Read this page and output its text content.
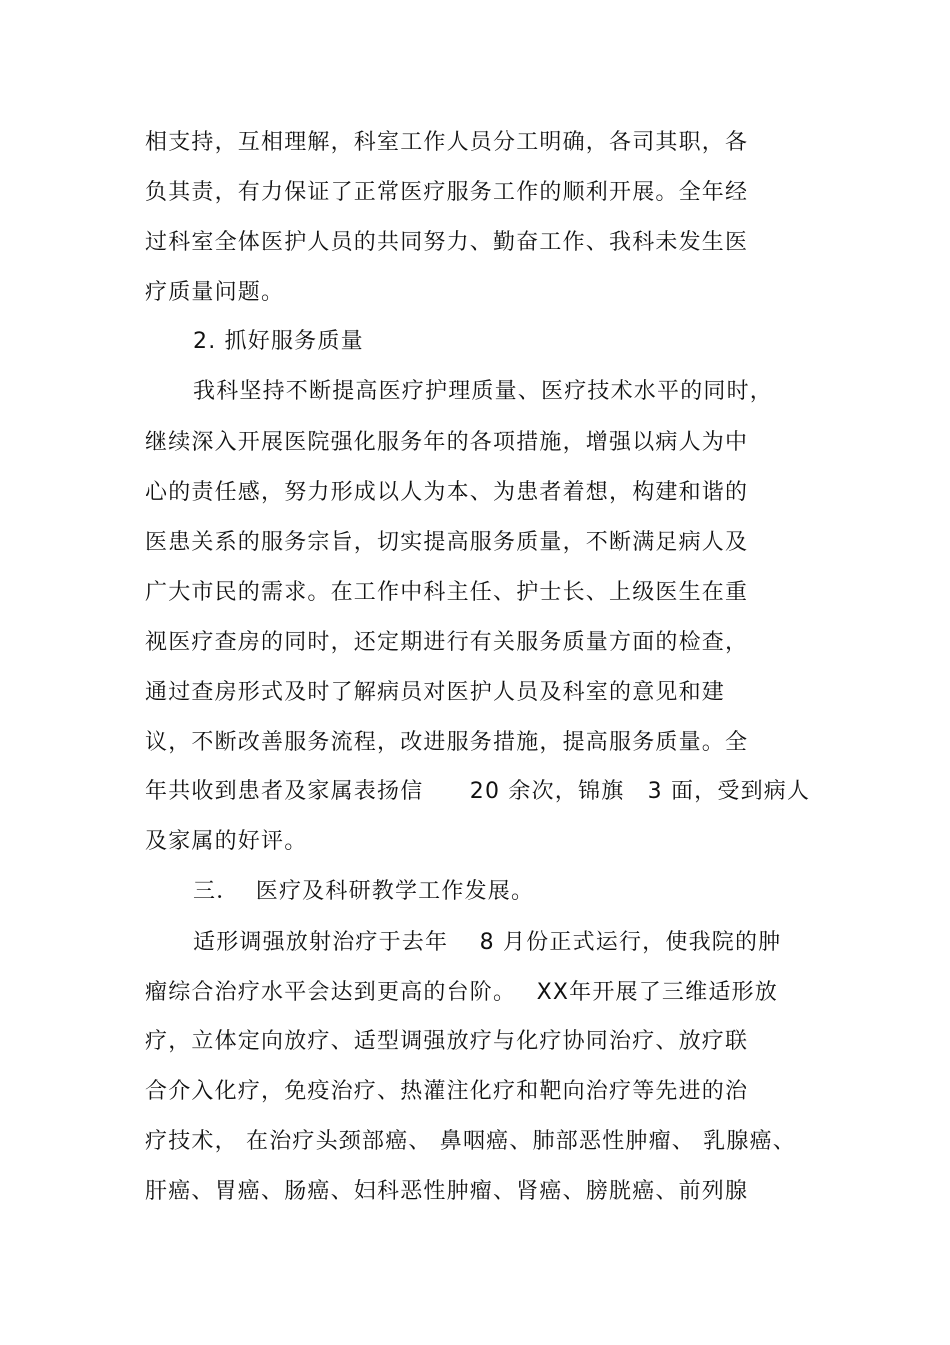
相支持，互相理解，科室工作人员分工明确，各司其职，各
负其责，有力保证了正常医疗服务工作的顺利开展。全年经
过科室全体医护人员的共同努力、勤奋工作、我科未发生医
疗质量问题。
2. 抓好服务质量
我科坚持不断提高医疗护理质量、医疗技术水平的同时，
继续深入开展医院强化服务年的各项措施，增强以病人为中
心的责任感，努力形成以人为本、为患者着想，构建和谐的
医患关系的服务宗旨，切实提高服务质量，不断满足病人及
广大市民的需求。在工作中科主任、护士长、上级医生在重
视医疗查房的同时，还定期进行有关服务质量方面的检查，
通过查房形式及时了解病员对医护人员及科室的意见和建
议，不断改善服务流程，改进服务措施，提高服务质量。全
年共收到患者及家属表扬信　　20 余次，锦旗　3 面，受到病人
及家属的好评。
三．  医疗及科研教学工作发展。
适形调强放射治疗于去年　 8 月份正式运行，使我院的肿
瘤综合治疗水平会达到更高的台阶。　 XX年开展了三维适形放
疗，立体定向放疗、适型调强放疗与化疗协同治疗、放疗联
合介入化疗，免疫治疗、热灌注化疗和靶向治疗等先进的治
疗技术， 在治疗头颈部癌、 鼻咽癌、肺部恶性肿瘤、 乳腺癌、
肝癌、胃癌、肠癌、妇科恶性肿瘤、肾癌、膀胱癌、前列腺
